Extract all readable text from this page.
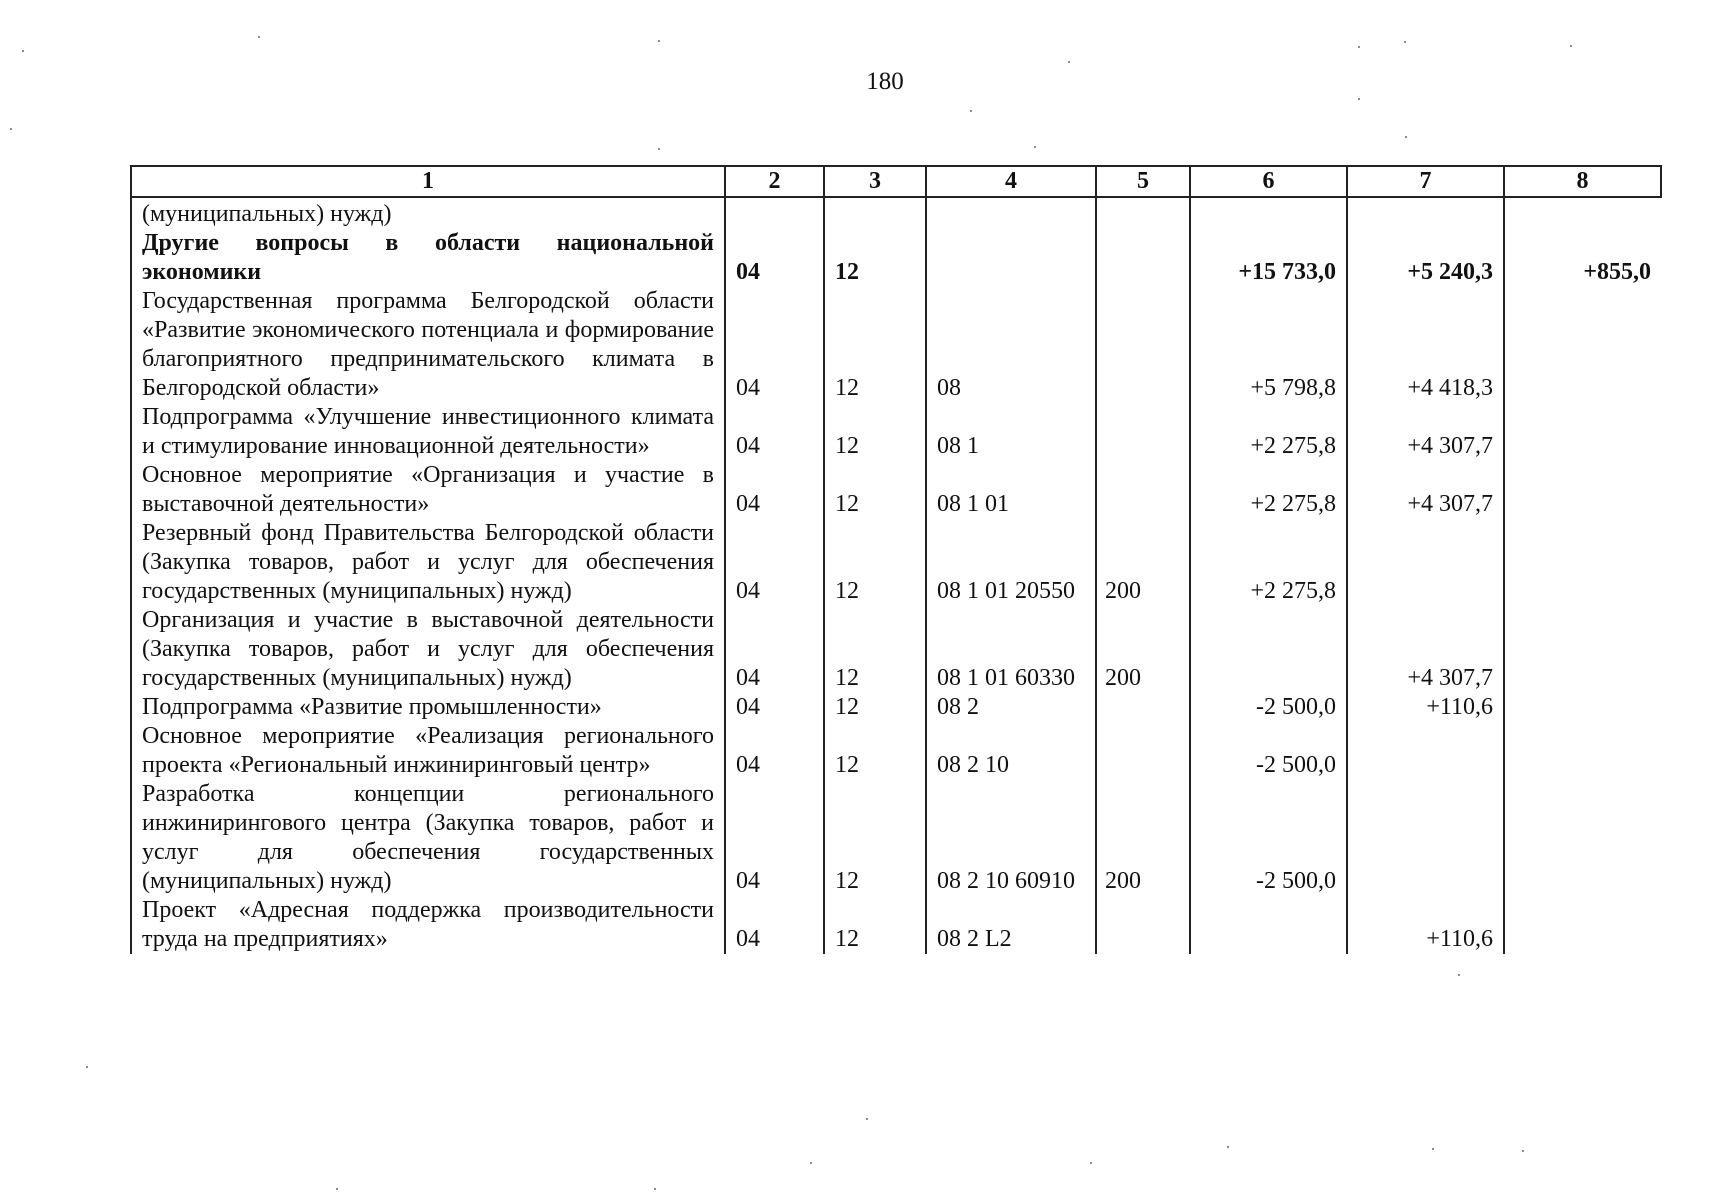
180
1	2	3	4	5	6	7	8
(муниципальных) нужд)							
Другие вопросы в области национальной экономики	04	12			+15 733,0	+5 240,3	+855,0
Государственная программа Белгородской области «Развитие экономического потенциала и формирование благоприятного предпринимательского климата в Белгородской области»	04	12	08		+5 798,8	+4 418,3	
Подпрограмма «Улучшение инвестиционного климата и стимулирование инновационной деятельности»	04	12	08 1		+2 275,8	+4 307,7	
Основное мероприятие «Организация и участие в выставочной деятельности»	04	12	08 1 01		+2 275,8	+4 307,7	
Резервный фонд Правительства Белгородской области (Закупка товаров, работ и услуг для обеспечения государственных (муниципальных) нужд)	04	12	08 1 01 20550	200	+2 275,8		
Организация и участие в выставочной деятельности (Закупка товаров, работ и услуг для обеспечения государственных (муниципальных) нужд)	04	12	08 1 01 60330	200		+4 307,7	
Подпрограмма «Развитие промышленности»	04	12	08 2		-2 500,0	+110,6	
Основное мероприятие «Реализация регионального проекта «Региональный инжиниринговый центр»	04	12	08 2 10		-2 500,0		
Разработка концепции регионального инжинирингового центра (Закупка товаров, работ и услуг для обеспечения государственных (муниципальных) нужд)	04	12	08 2 10 60910	200	-2 500,0		
Проект «Адресная поддержка производительности труда на предприятиях»	04	12	08 2 L2			+110,6	
